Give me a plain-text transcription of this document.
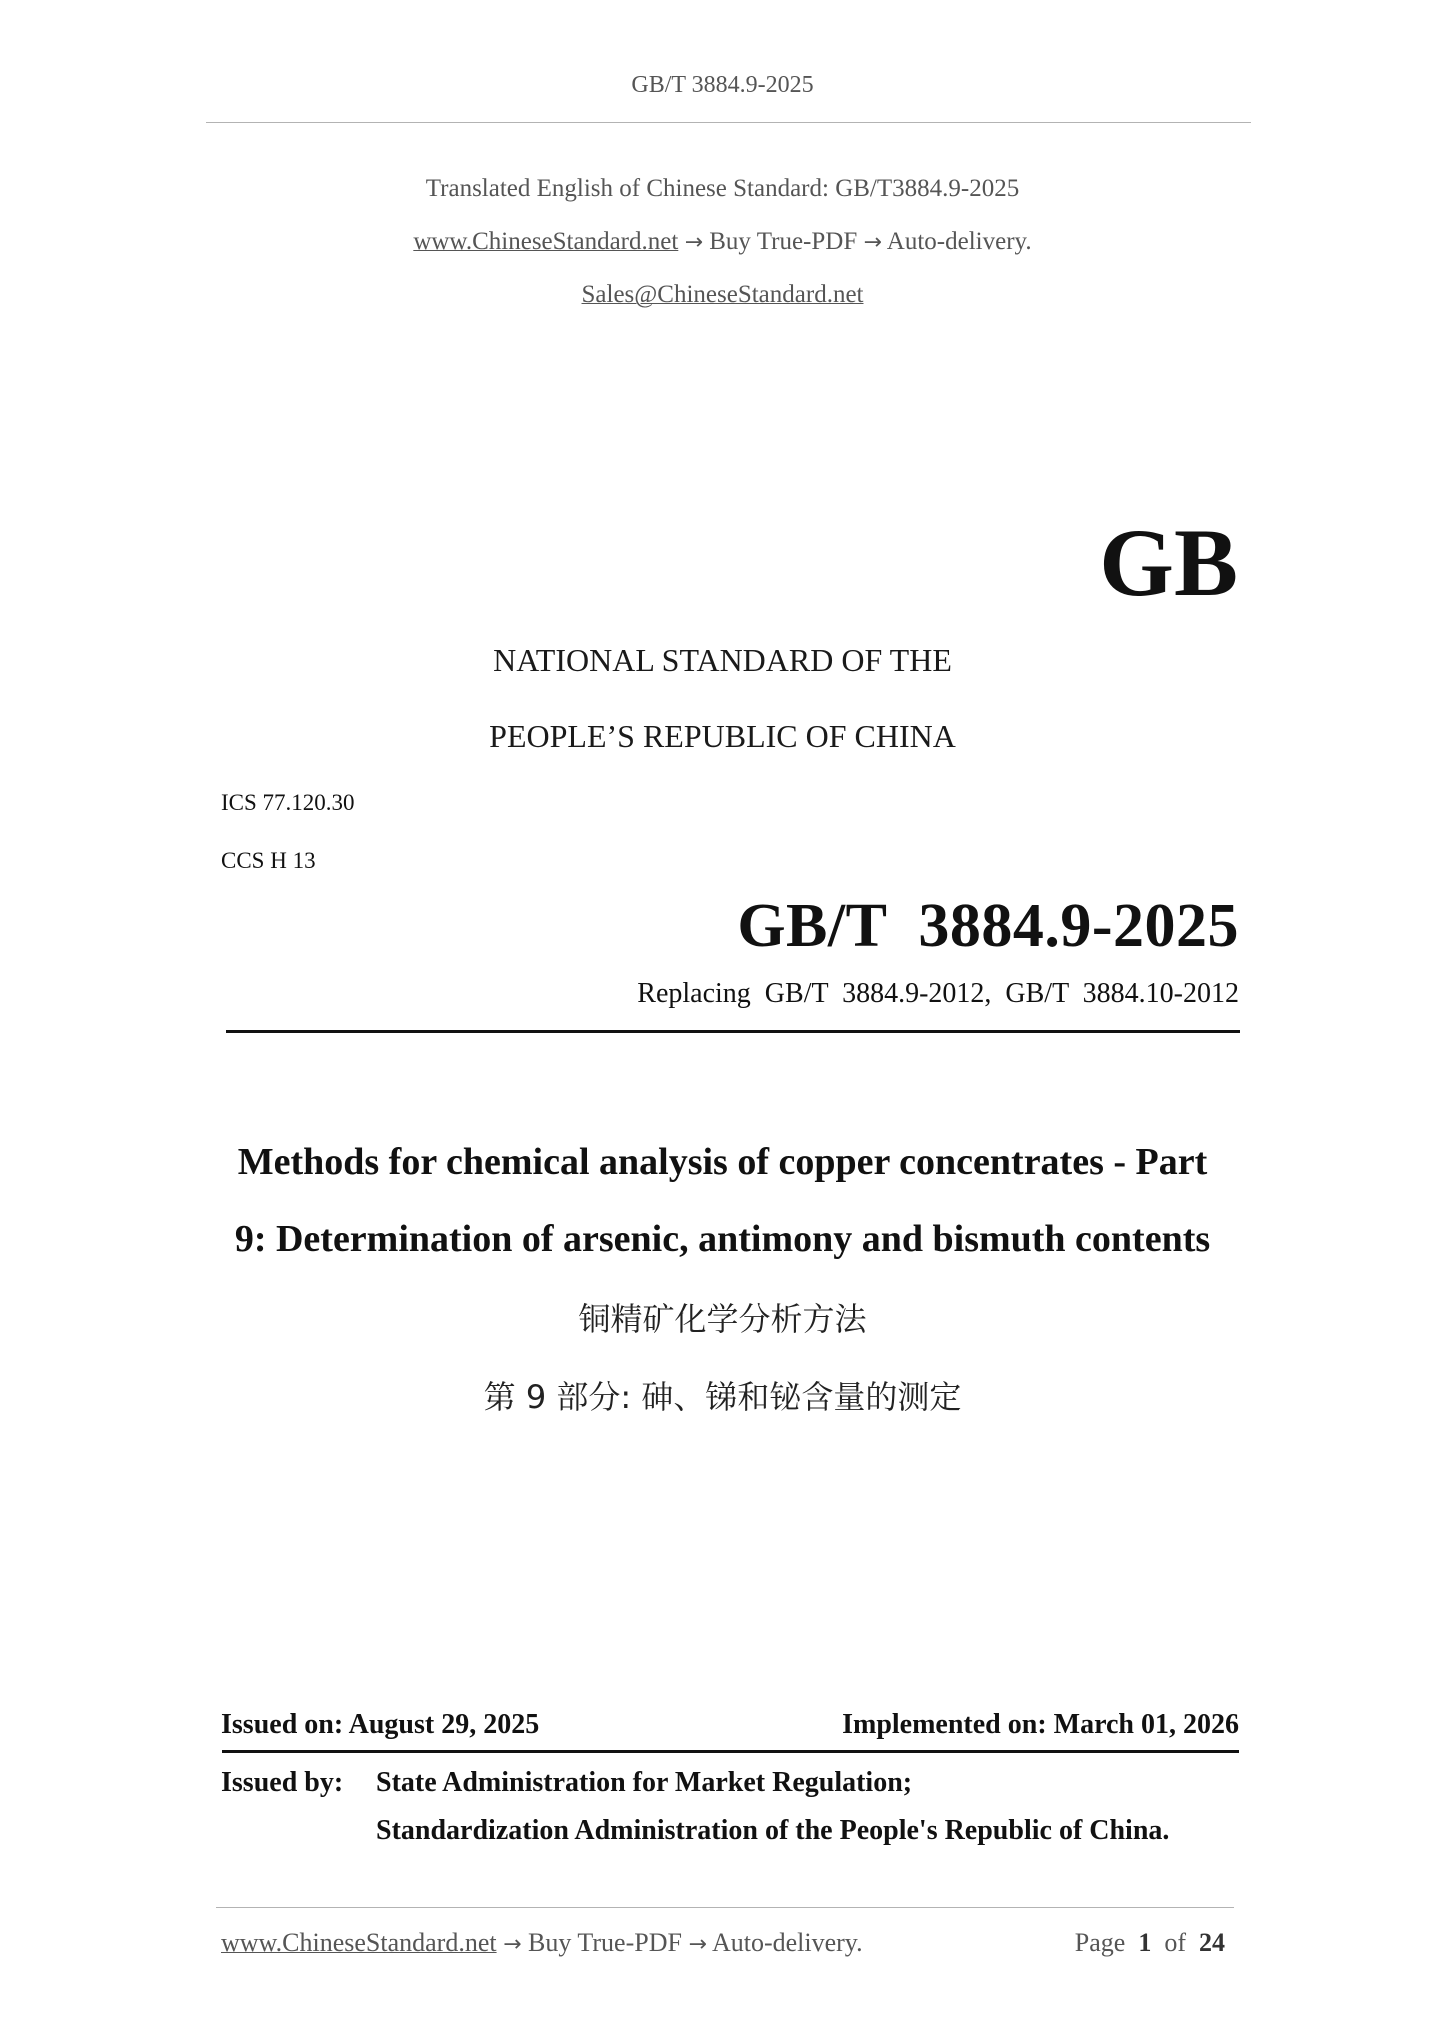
GB/T 3884.9-2025
Translated English of Chinese Standard: GB/T3884.9-2025
www.ChineseStandard.net → Buy True-PDF → Auto-delivery.
Sales@ChineseStandard.net
GB
NATIONAL STANDARD OF THE
PEOPLE’S REPUBLIC OF CHINA
ICS 77.120.30
CCS H 13
GB/T  3884.9-2025
Replacing  GB/T  3884.9-2012,  GB/T  3884.10-2012
Methods for chemical analysis of copper concentrates - Part
9: Determination of arsenic, antimony and bismuth contents
铜精矿化学分析方法
第 9 部分: 砷、锑和铋含量的测定
Issued on: August 29, 2025	Implemented on: March 01, 2026
Issued by: State Administration for Market Regulation;
Standardization Administration of the People's Republic of China.
www.ChineseStandard.net → Buy True-PDF → Auto-delivery.	Page 1 of 24
